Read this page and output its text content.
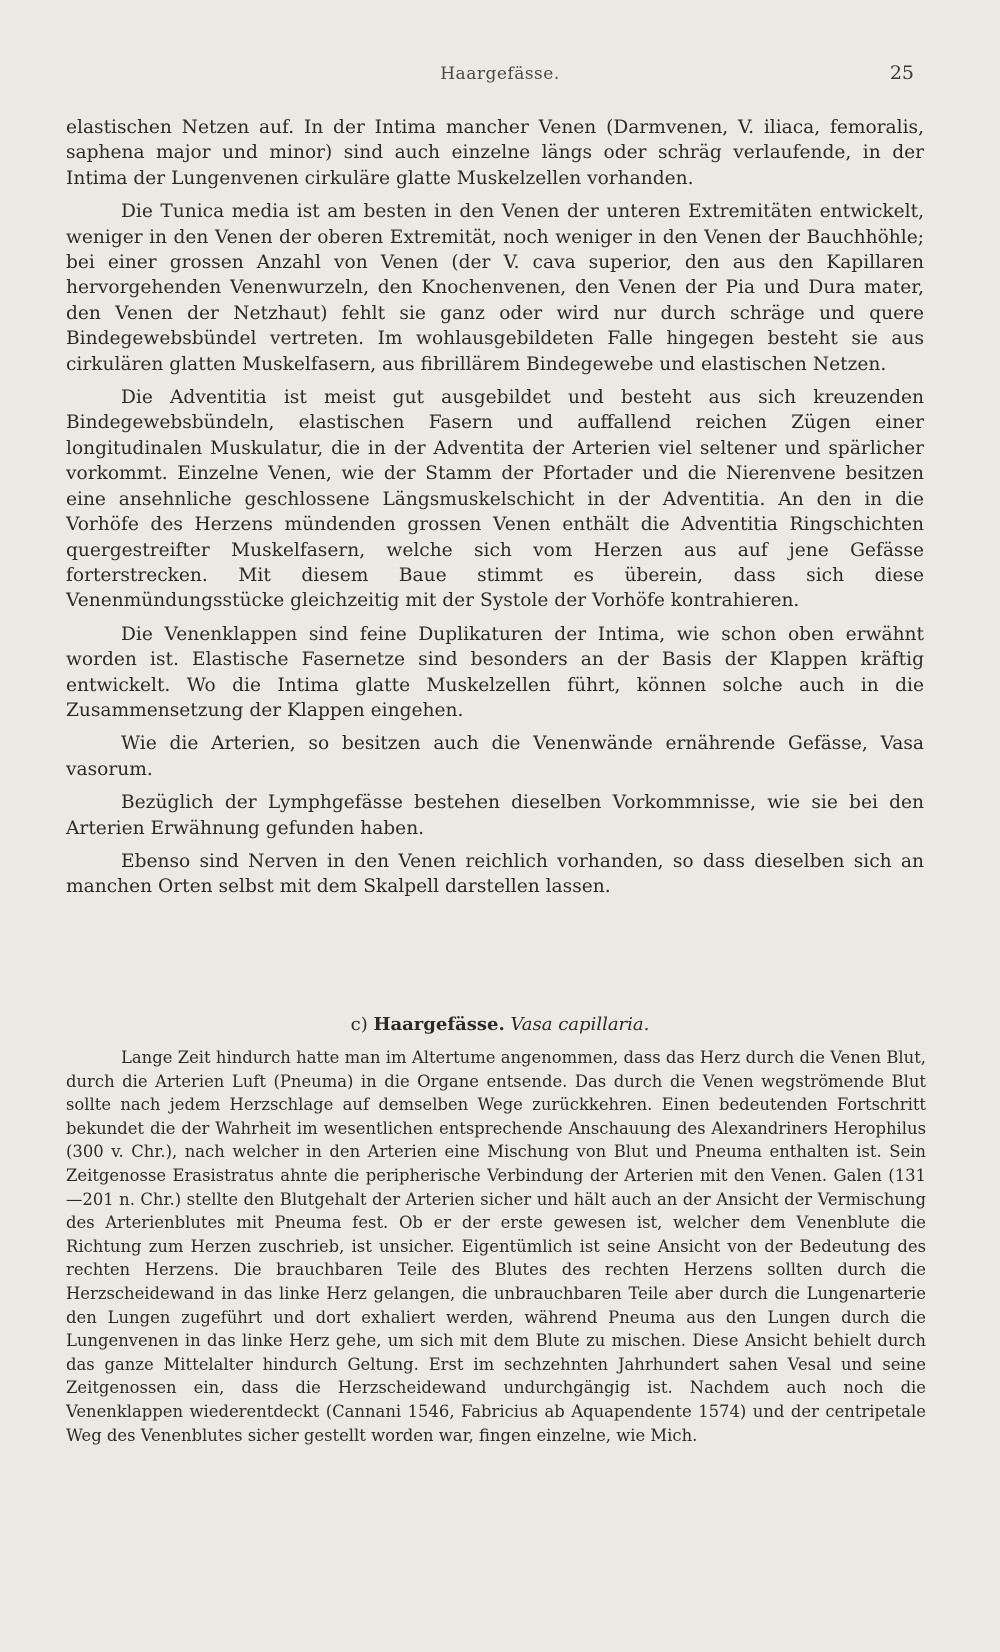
Haargefässe.	25

elastischen Netzen auf. In der Intima mancher Venen (Darmvenen, V. iliaca, femoralis, saphena major und minor) sind auch einzelne längs oder schräg verlaufende, in der Intima der Lungenvenen cirkuläre glatte Muskelzellen vorhanden.

Die Tunica media ist am besten in den Venen der unteren Extremitäten entwickelt, weniger in den Venen der oberen Extremität, noch weniger in den Venen der Bauchhöhle; bei einer grossen Anzahl von Venen (der V. cava superior, den aus den Kapillaren hervorgehenden Venenwurzeln, den Knochenvenen, den Venen der Pia und Dura mater, den Venen der Netzhaut) fehlt sie ganz oder wird nur durch schräge und quere Bindegewebsbündel vertreten. Im wohlausgebildeten Falle hingegen besteht sie aus cirkulären glatten Muskelfasern, aus fibrillärem Bindegewebe und elastischen Netzen.

Die Adventitia ist meist gut ausgebildet und besteht aus sich kreuzenden Bindegewebsbündeln, elastischen Fasern und auffallend reichen Zügen einer longitudinalen Muskulatur, die in der Adventita der Arterien viel seltener und spärlicher vorkommt. Einzelne Venen, wie der Stamm der Pfortader und die Nierenvene besitzen eine ansehnliche geschlossene Längsmuskelschicht in der Adventitia. An den in die Vorhöfe des Herzens mündenden grossen Venen enthält die Adventitia Ringschichten quergestreifter Muskelfasern, welche sich vom Herzen aus auf jene Gefässe forterstrecken. Mit diesem Baue stimmt es überein, dass sich diese Venenmündungsstücke gleichzeitig mit der Systole der Vorhöfe kontrahieren.

Die Venenklappen sind feine Duplikaturen der Intima, wie schon oben erwähnt worden ist. Elastische Fasernetze sind besonders an der Basis der Klappen kräftig entwickelt. Wo die Intima glatte Muskelzellen führt, können solche auch in die Zusammensetzung der Klappen eingehen.

Wie die Arterien, so besitzen auch die Venenwände ernährende Gefässe, Vasa vasorum.

Bezüglich der Lymphgefässe bestehen dieselben Vorkommnisse, wie sie bei den Arterien Erwähnung gefunden haben.

Ebenso sind Nerven in den Venen reichlich vorhanden, so dass dieselben sich an manchen Orten selbst mit dem Skalpell darstellen lassen.

c) Haargefässe. Vasa capillaria.

Lange Zeit hindurch hatte man im Altertume angenommen, dass das Herz durch die Venen Blut, durch die Arterien Luft (Pneuma) in die Organe entsende. Das durch die Venen wegströmende Blut sollte nach jedem Herzschlage auf demselben Wege zurückkehren. Einen bedeutenden Fortschritt bekundet die der Wahrheit im wesentlichen entsprechende Anschauung des Alexandriners Herophilus (300 v. Chr.), nach welcher in den Arterien eine Mischung von Blut und Pneuma enthalten ist. Sein Zeitgenosse Erasistratus ahnte die peripherische Verbindung der Arterien mit den Venen. Galen (131—201 n. Chr.) stellte den Blutgehalt der Arterien sicher und hält auch an der Ansicht der Vermischung des Arterienblutes mit Pneuma fest. Ob er der erste gewesen ist, welcher dem Venenblute die Richtung zum Herzen zuschrieb, ist unsicher. Eigentümlich ist seine Ansicht von der Bedeutung des rechten Herzens. Die brauchbaren Teile des Blutes des rechten Herzens sollten durch die Herzscheidewand in das linke Herz gelangen, die unbrauchbaren Teile aber durch die Lungenarterie den Lungen zugeführt und dort exhaliert werden, während Pneuma aus den Lungen durch die Lungenvenen in das linke Herz gehe, um sich mit dem Blute zu mischen. Diese Ansicht behielt durch das ganze Mittelalter hindurch Geltung. Erst im sechzehnten Jahrhundert sahen Vesal und seine Zeitgenossen ein, dass die Herzscheidewand undurchgängig ist. Nachdem auch noch die Venenklappen wiederentdeckt (Cannani 1546, Fabricius ab Aquapendente 1574) und der centripetale Weg des Venenblutes sicher gestellt worden war, fingen einzelne, wie Mich.
